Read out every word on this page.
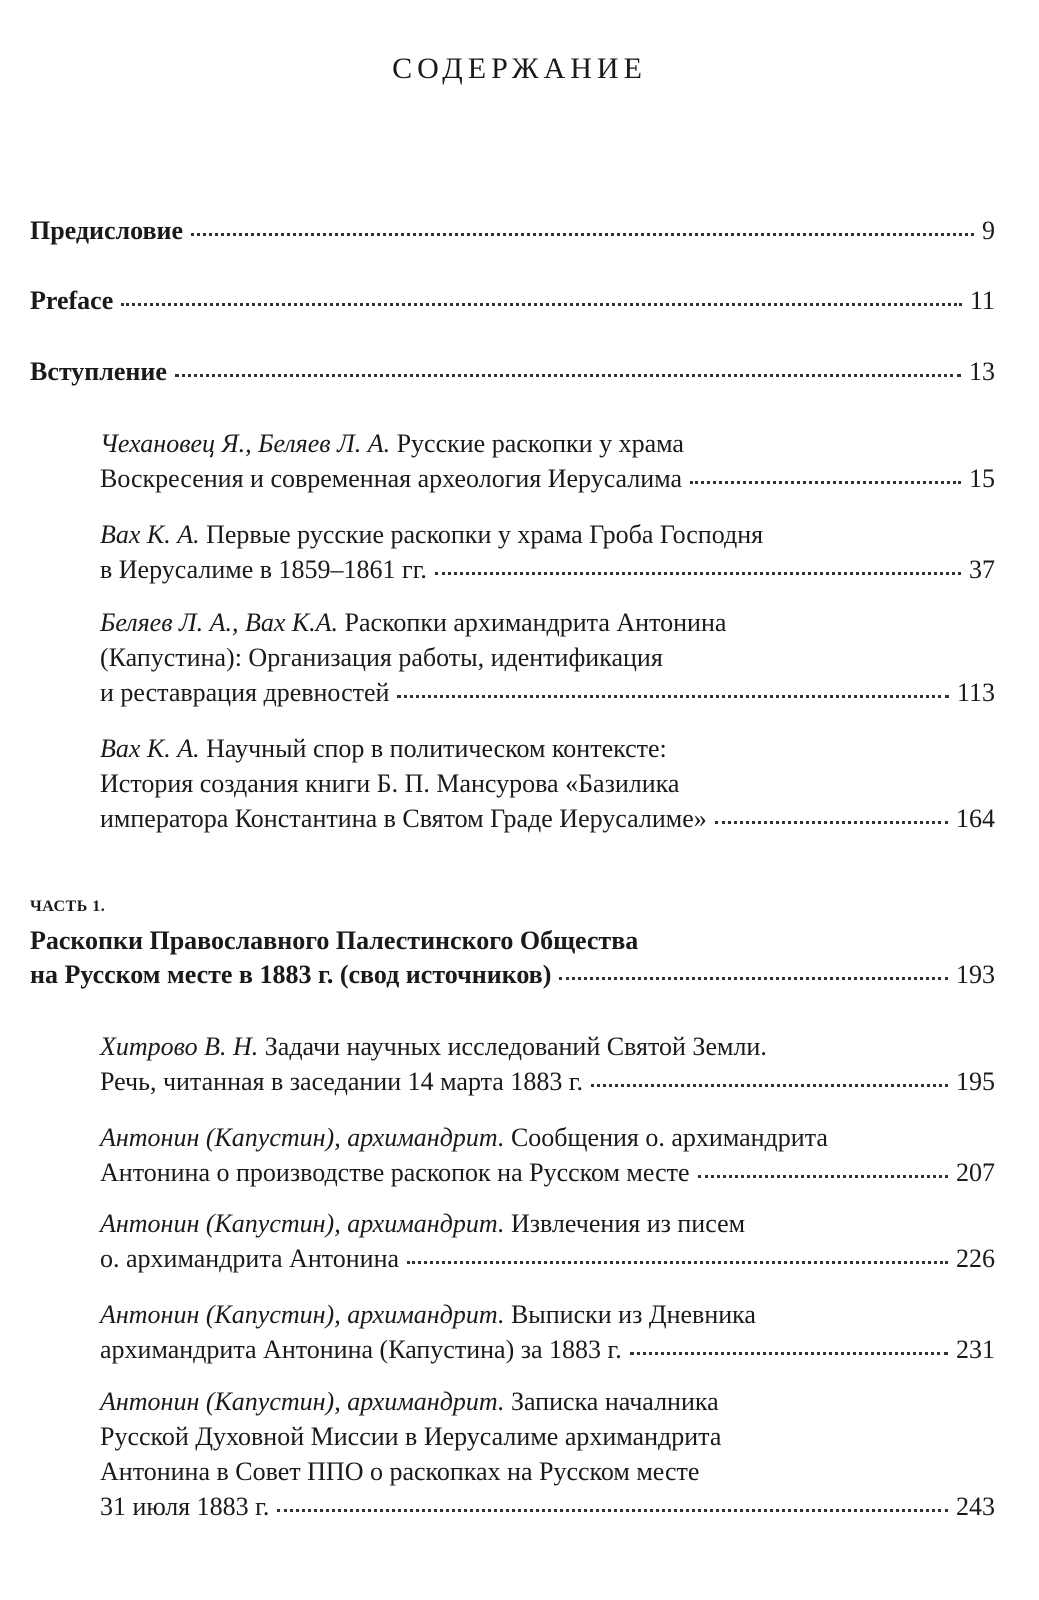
СОДЕРЖАНИЕ
Предисловие	9
Preface	11
Вступление	13
Чехановец Я., Беляев Л. А. Русские раскопки у храма
Воскресения и современная археология Иерусалима	15
Вах К. А. Первые русские раскопки у храма Гроба Господня
в Иерусалиме в 1859–1861 гг.	37
Беляев Л. А., Вах К.А. Раскопки архимандрита Антонина
(Капустина): Организация работы, идентификация
и реставрация древностей	113
Вах К. А. Научный спор в политическом контексте:
История создания книги Б. П. Мансурова «Базилика
императора Константина в Святом Граде Иерусалиме»	164
ЧАСТЬ 1.
Раскопки Православного Палестинского Общества
на Русском месте в 1883 г. (свод источников)	193
Хитрово В. Н. Задачи научных исследований Святой Земли.
Речь, читанная в заседании 14 марта 1883 г.	195
Антонин (Капустин), архимандрит. Сообщения о. архимандрита
Антонина о производстве раскопок на Русском месте	207
Антонин (Капустин), архимандрит. Извлечения из писем
о. архимандрита Антонина	226
Антонин (Капустин), архимандрит. Выписки из Дневника
архимандрита Антонина (Капустина) за 1883 г.	231
Антонин (Капустин), архимандрит. Записка началника
Русской Духовной Миссии в Иерусалиме архимандрита
Антонина в Совет ППО о раскопках на Русском месте
31 июля 1883 г.	243
